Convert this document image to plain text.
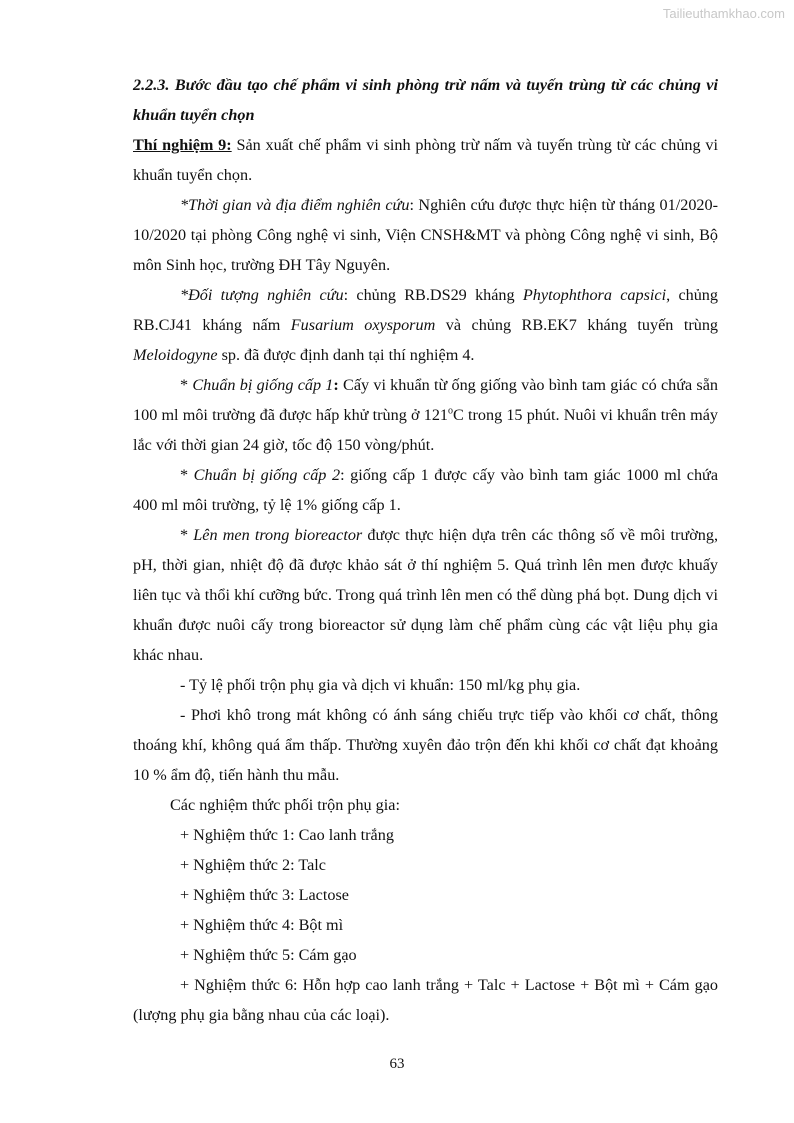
Tailieuthamkhao.com

2.2.3. Bước đầu tạo chế phẩm vi sinh phòng trừ nấm và tuyến trùng từ các chủng vi khuẩn tuyển chọn

Thí nghiệm 9: Sản xuất chế phẩm vi sinh phòng trừ nấm và tuyến trùng từ các chủng vi khuẩn tuyển chọn.

*Thời gian và địa điểm nghiên cứu: Nghiên cứu được thực hiện từ tháng 01/2020- 10/2020 tại phòng Công nghệ vi sinh, Viện CNSH&MT và phòng Công nghệ vi sinh, Bộ môn Sinh học, trường ĐH Tây Nguyên.

*Đối tượng nghiên cứu: chủng RB.DS29 kháng Phytophthora capsici, chủng RB.CJ41 kháng nấm Fusarium oxysporum và chủng RB.EK7 kháng tuyến trùng Meloidogyne sp. đã được định danh tại thí nghiệm 4.

* Chuẩn bị giống cấp 1: Cấy vi khuẩn từ ống giống vào bình tam giác có chứa sẵn 100 ml môi trường đã được hấp khử trùng ở 121$^o$C trong 15 phút. Nuôi vi khuẩn trên máy lắc với thời gian 24 giờ, tốc độ 150 vòng/phút.

* Chuẩn bị giống cấp 2: giống cấp 1 được cấy vào bình tam giác 1000 ml chứa 400 ml môi trường, tỷ lệ 1% giống cấp 1.

* Lên men trong bioreactor được thực hiện dựa trên các thông số về môi trường, pH, thời gian, nhiệt độ đã được khảo sát ở thí nghiệm 5. Quá trình lên men được khuấy liên tục và thổi khí cưỡng bức. Trong quá trình lên men có thể dùng phá bọt. Dung dịch vi khuẩn được nuôi cấy trong bioreactor sử dụng làm chế phẩm cùng các vật liệu phụ gia khác nhau.

- Tỷ lệ phối trộn phụ gia và dịch vi khuẩn: 150 ml/kg phụ gia.

- Phơi khô trong mát không có ánh sáng chiếu trực tiếp vào khối cơ chất, thông thoáng khí, không quá ẩm thấp. Thường xuyên đảo trộn đến khi khối cơ chất đạt khoảng 10 % ẩm độ, tiến hành thu mẫu.

Các nghiệm thức phối trộn phụ gia:

+ Nghiệm thức 1: Cao lanh trắng

+ Nghiệm thức 2: Talc

+ Nghiệm thức 3: Lactose

+ Nghiệm thức 4: Bột mì

+ Nghiệm thức 5: Cám gạo

+ Nghiệm thức 6: Hỗn hợp cao lanh trắng + Talc + Lactose + Bột mì + Cám gạo (lượng phụ gia bằng nhau của các loại).

63
